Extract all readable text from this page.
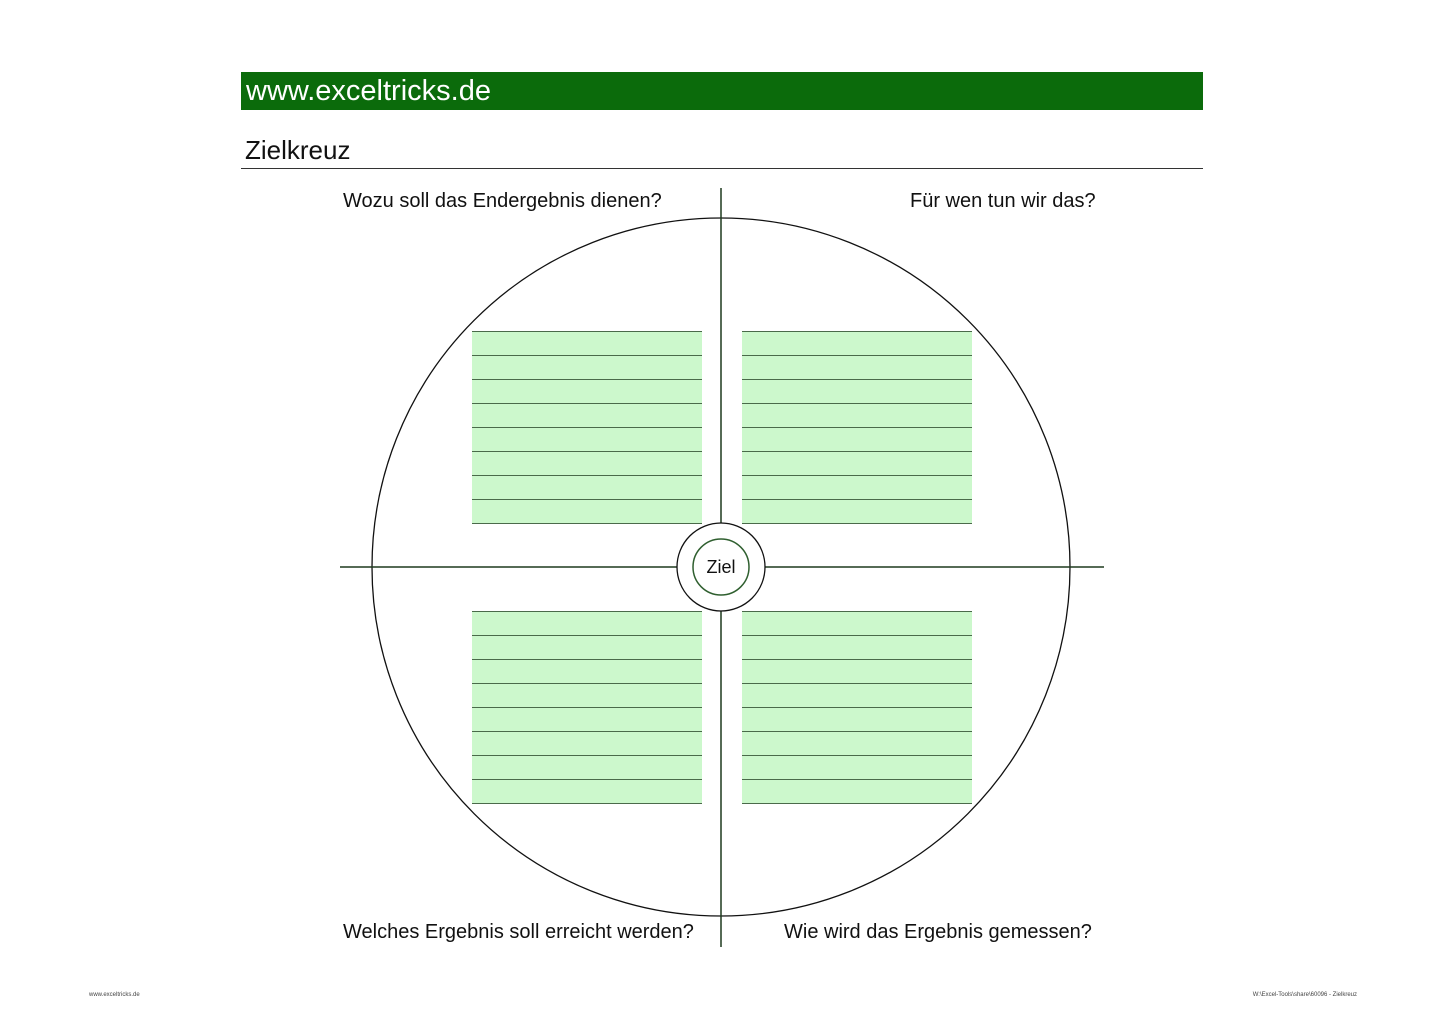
www.exceltricks.de
Zielkreuz
Ziel
Wozu soll das Endergebnis dienen?	Für wen tun wir das?
Welches Ergebnis soll erreicht werden?	Wie wird das Ergebnis gemessen?
www.exceltricks.de	W:\Excel-Tools\share\60096 - Zielkreuz
